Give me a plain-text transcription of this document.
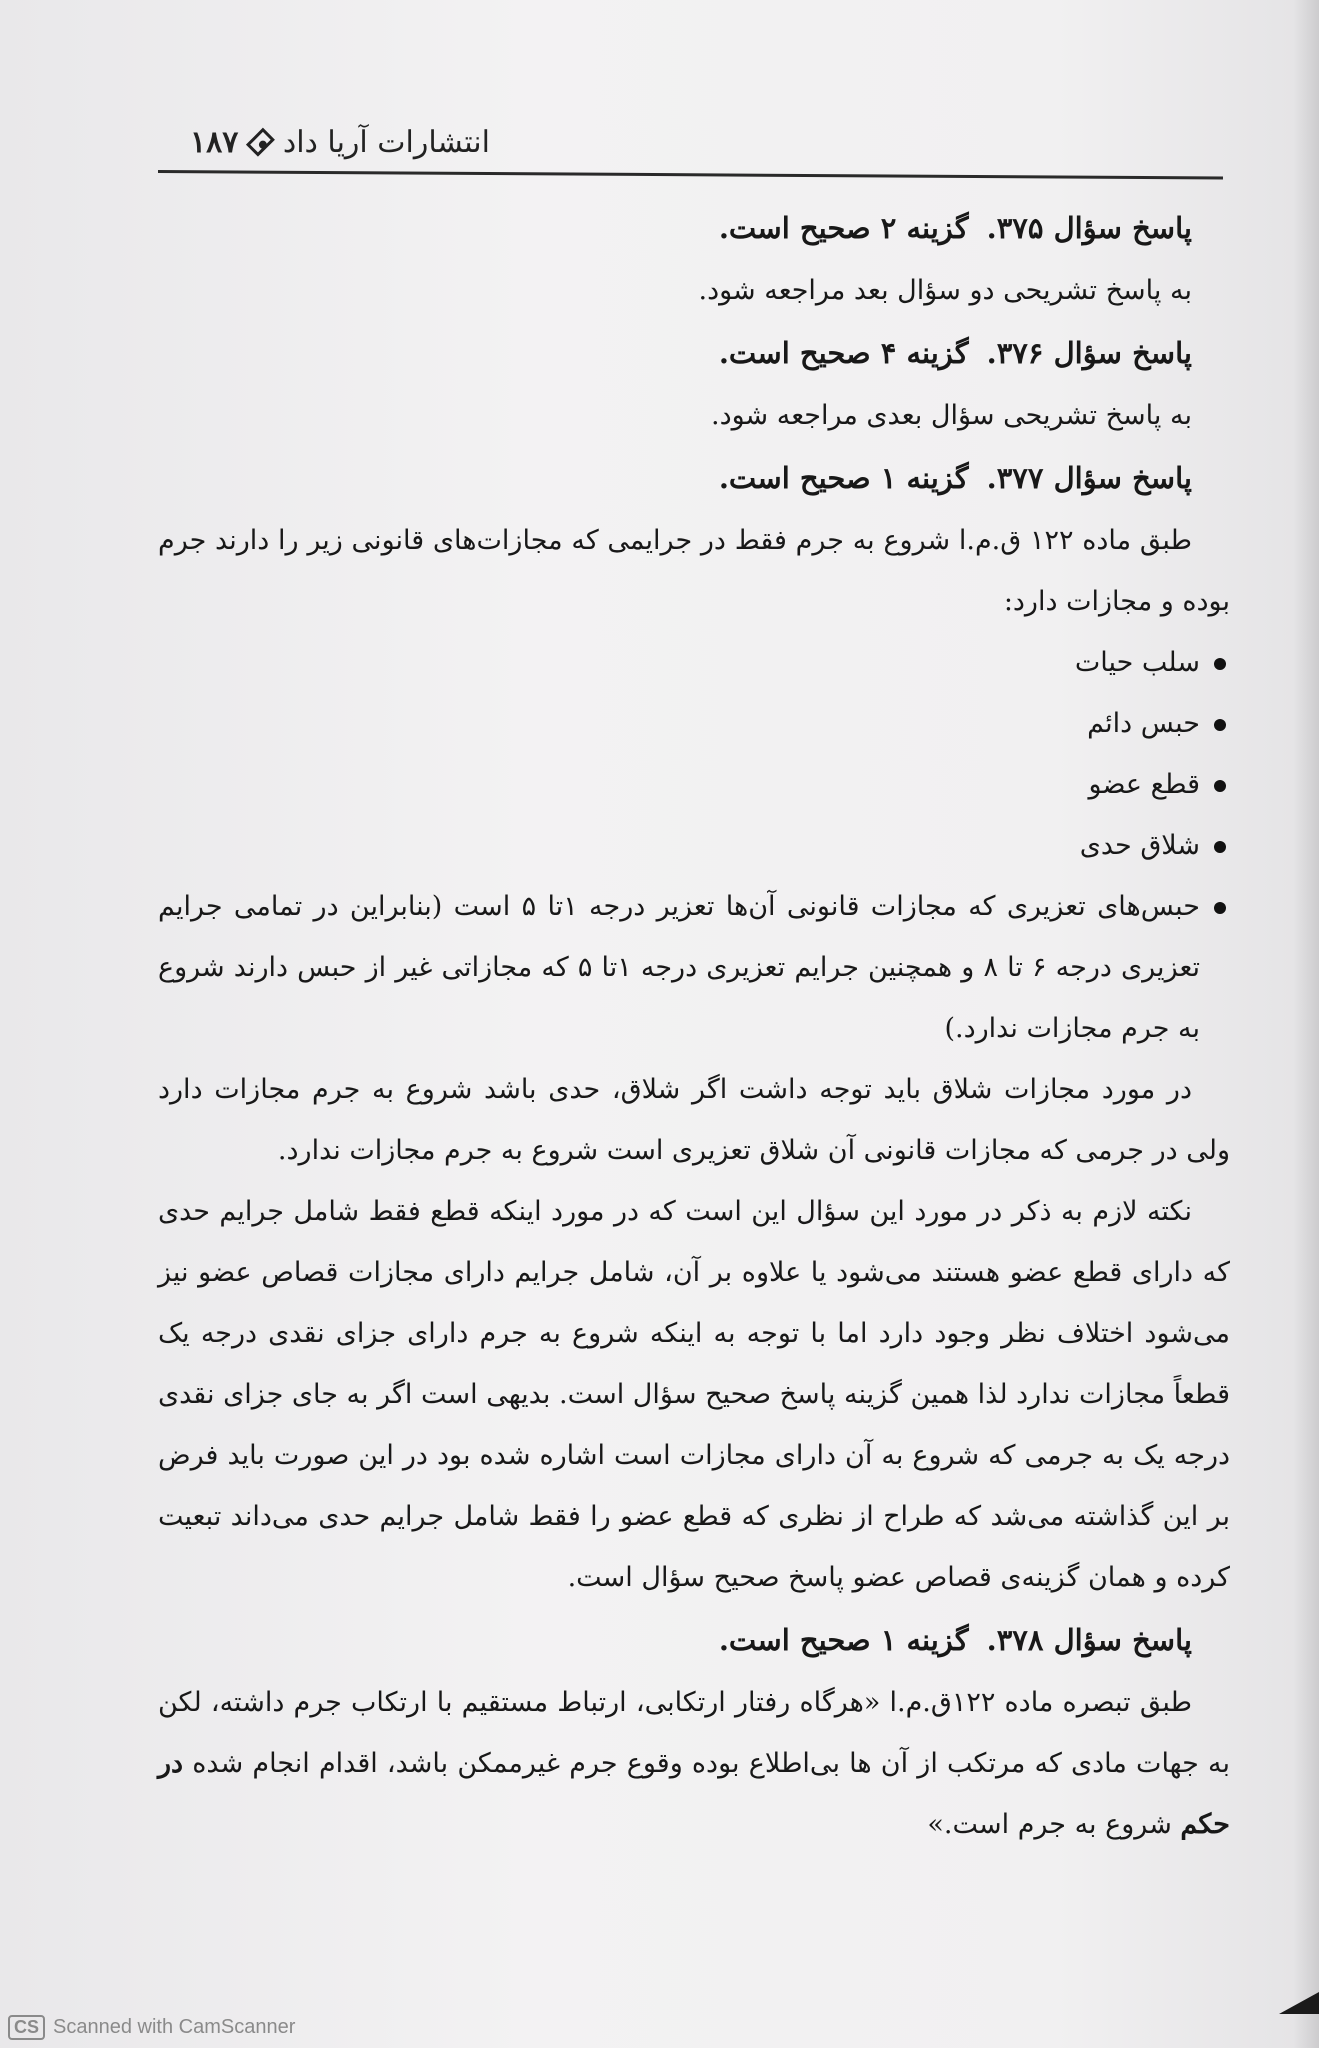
انتشارات آریا داد
۱۸۷

پاسخ سؤال ۳۷۵.گزینه ۲ صحیح است.

به پاسخ تشریحی دو سؤال بعد مراجعه شود.

پاسخ سؤال ۳۷۶.گزینه ۴ صحیح است.

به پاسخ تشریحی سؤال بعدی مراجعه شود.

پاسخ سؤال ۳۷۷.گزینه ۱ صحیح است.

طبق ماده ۱۲۲ ق.م.ا شروع به جرم فقط در جرایمی که مجازات‌های قانونی زیر را دارند جرم بوده و مجازات دارد:

سلب حیات

حبس دائم

قطع عضو

شلاق حدی

حبس‌های تعزیری که مجازات قانونی آن‌ها تعزیر درجه ۱تا ۵ است (بنابراین در تمامی جرایم تعزیری درجه ۶ تا ۸ و همچنین جرایم تعزیری درجه ۱تا ۵ که مجازاتی غیر از حبس دارند شروع به جرم مجازات ندارد.)

در مورد مجازات شلاق باید توجه داشت اگر شلاق، حدی باشد شروع به جرم مجازات دارد ولی در جرمی که مجازات قانونی آن شلاق تعزیری است شروع به جرم مجازات ندارد.

نکته لازم به ذکر در مورد این سؤال این است که در مورد اینکه قطع فقط شامل جرایم حدی که دارای قطع عضو هستند می‌شود یا علاوه بر آن، شامل جرایم دارای مجازات قصاص عضو نیز می‌شود اختلاف نظر وجود دارد اما با توجه به اینکه شروع به جرم دارای جزای نقدی درجه یک قطعاً مجازات ندارد لذا همین گزینه پاسخ صحیح سؤال است. بدیهی است اگر به جای جزای نقدی درجه یک به جرمی که شروع به آن دارای مجازات است اشاره شده بود در این صورت باید فرض بر این گذاشته می‌شد که طراح از نظری که قطع عضو را فقط شامل جرایم حدی می‌داند تبعیت کرده و همان گزینه‌ی قصاص عضو پاسخ صحیح سؤال است.

پاسخ سؤال ۳۷۸.گزینه ۱ صحیح است.

طبق تبصره ماده ۱۲۲ق.م.ا «هرگاه رفتار ارتکابی، ارتباط مستقیم با ارتکاب جرم داشته، لکن به جهات مادی که مرتکب از آن ها بی‌اطلاع بوده وقوع جرم غیرممکن باشد، اقدام انجام شده در حکم شروع به جرم است.»

CS Scanned with CamScanner
